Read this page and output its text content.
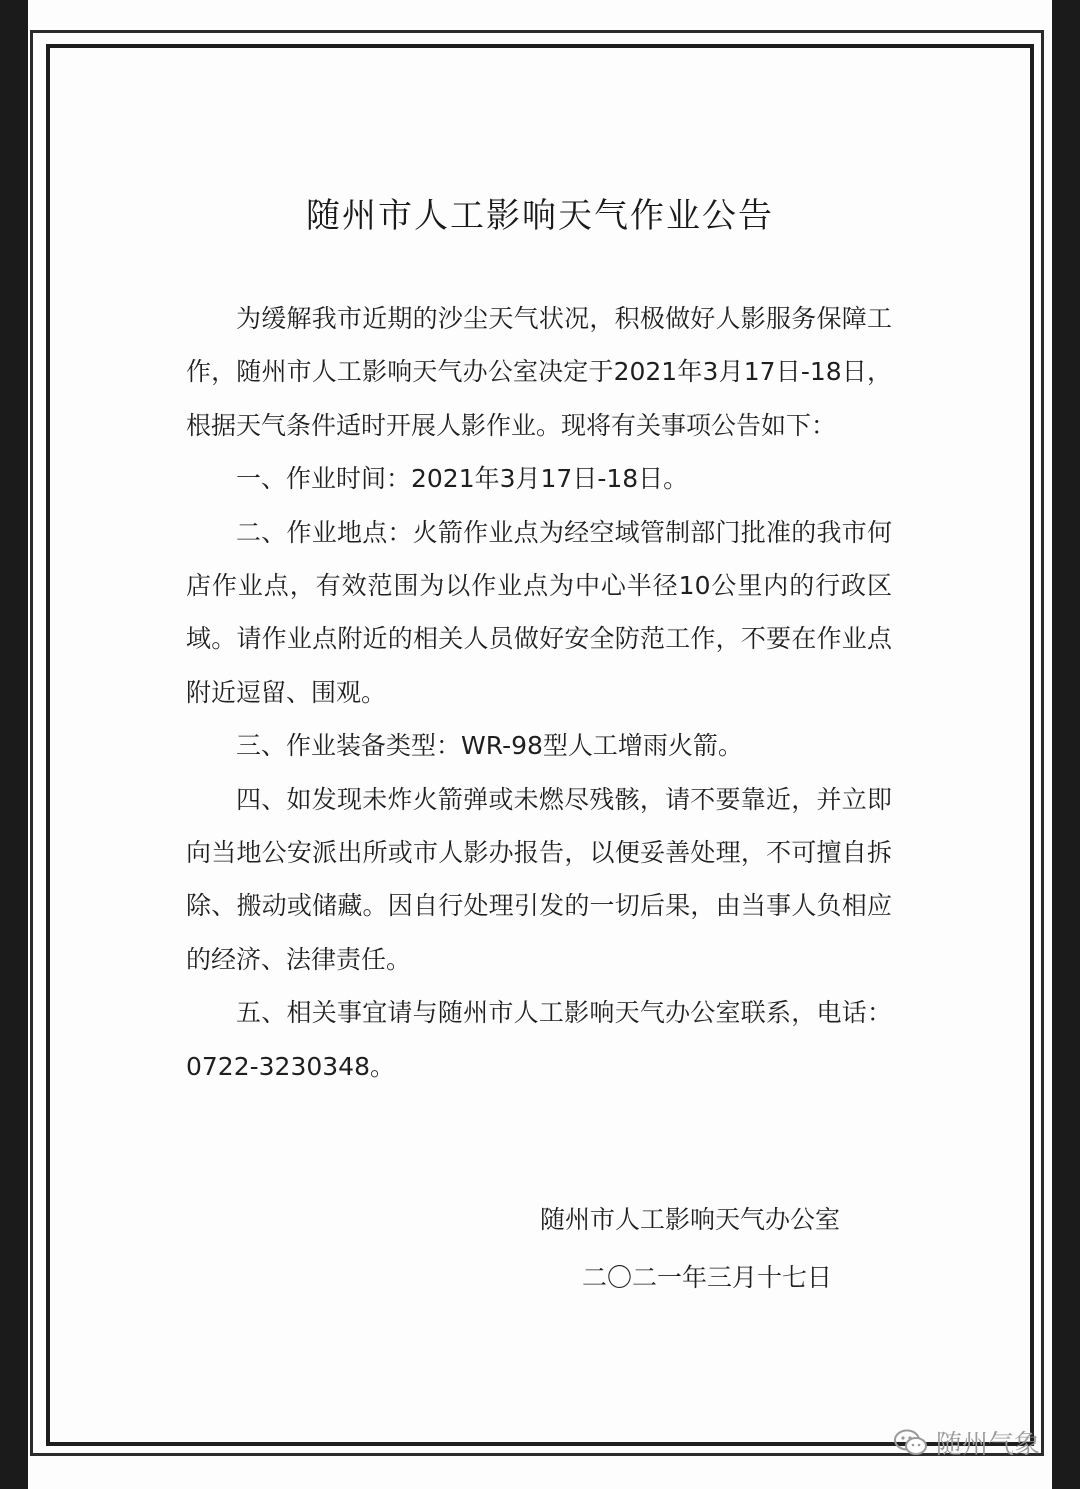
随州市人工影响天气作业公告

为缓解我市近期的沙尘天气状况，积极做好人影服务保障工作，随州市人工影响天气办公室决定于2021年3月17日-18日，根据天气条件适时开展人影作业。现将有关事项公告如下：

一、作业时间：2021年3月17日-18日。

二、作业地点：火箭作业点为经空域管制部门批准的我市何店作业点，有效范围为以作业点为中心半径10公里内的行政区域。请作业点附近的相关人员做好安全防范工作，不要在作业点附近逗留、围观。

三、作业装备类型：WR-98型人工增雨火箭。

四、如发现未炸火箭弹或未燃尽残骸，请不要靠近，并立即向当地公安派出所或市人影办报告，以便妥善处理，不可擅自拆除、搬动或储藏。因自行处理引发的一切后果，由当事人负相应的经济、法律责任。

五、相关事宜请与随州市人工影响天气办公室联系，电话：0722-3230348。

随州市人工影响天气办公室
二〇二一年三月十七日
随州气象
